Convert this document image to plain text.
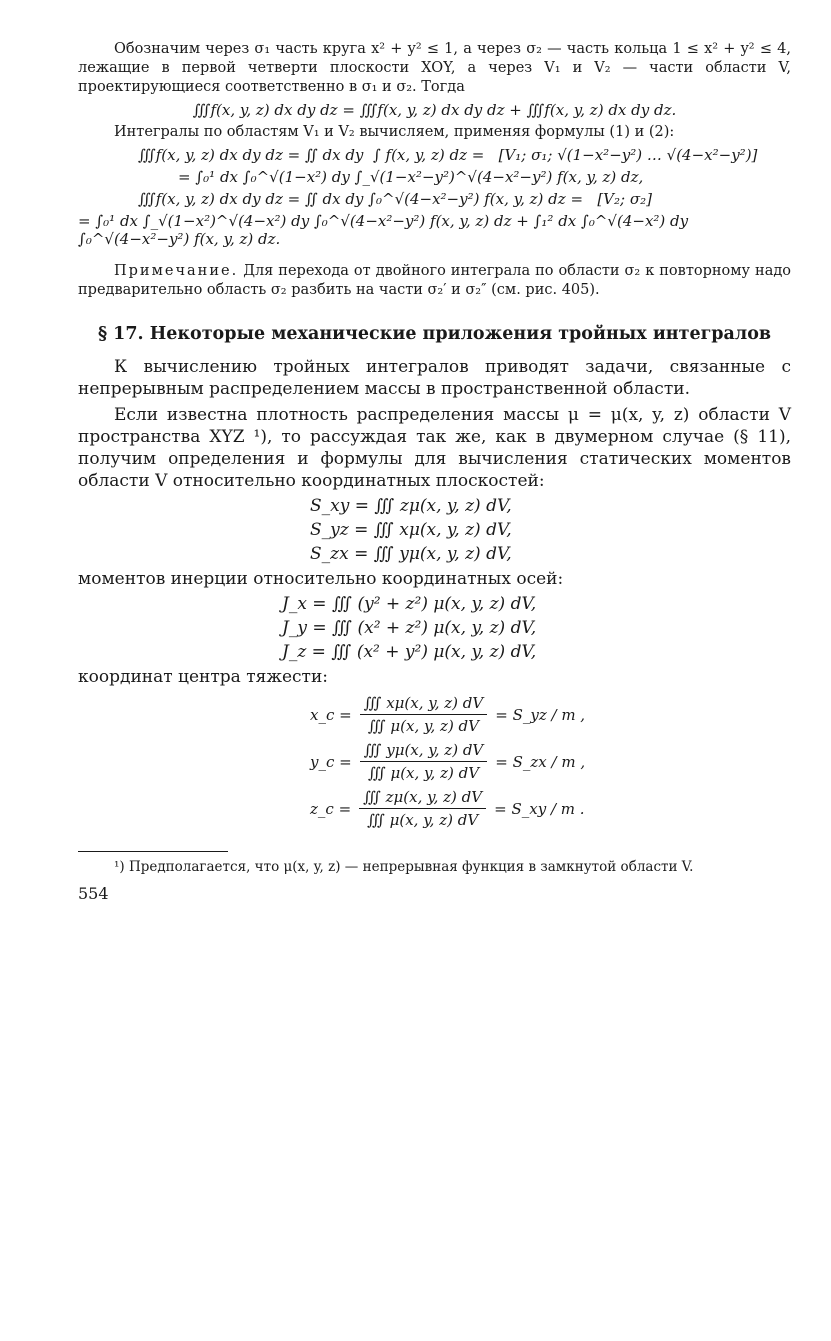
Обозначим через σ₁ часть круга x² + y² ≤ 1, а через σ₂ — часть кольца 1 ≤ x² + y² ≤ 4, лежащие в первой четверти плоскости XOY, а через V₁ и V₂ — части области V, проектирующиеся соответственно в σ₁ и σ₂. Тогда

∭f(x, y, z) dx dy dz = ∭f(x, y, z) dx dy dz + ∭f(x, y, z) dx dy dz.

Интегралы по областям V₁ и V₂ вычисляем, применяя формулы (1) и (2):

∭f(x, y, z) dx dy dz = ∬ dx dy  ∫ f(x, y, z) dz =   [V₁; σ₁; √(1−x²−y²) … √(4−x²−y²)]
= ∫₀¹ dx ∫₀^√(1−x²) dy ∫_√(1−x²−y²)^√(4−x²−y²) f(x, y, z) dz,
∭f(x, y, z) dx dy dz = ∬ dx dy ∫₀^√(4−x²−y²) f(x, y, z) dz =   [V₂; σ₂]
= ∫₀¹ dx ∫_√(1−x²)^√(4−x²) dy ∫₀^√(4−x²−y²) f(x, y, z) dz + ∫₁² dx ∫₀^√(4−x²) dy ∫₀^√(4−x²−y²) f(x, y, z) dz.

Примечание. Для перехода от двойного интеграла по области σ₂ к повторному надо предварительно область σ₂ разбить на части σ₂′ и σ₂″ (см. рис. 405).

§ 17. Некоторые механические приложения тройных интегралов

К вычислению тройных интегралов приводят задачи, связанные с непрерывным распределением массы в пространственной области.

Если известна плотность распределения массы μ = μ(x, y, z) области V пространства XYZ ¹), то рассуждая так же, как в двумерном случае (§ 11), получим определения и формулы для вычисления статических моментов области V относительно координатных плоскостей:

S_xy = ∭ zμ(x, y, z) dV,
S_yz = ∭ xμ(x, y, z) dV,
S_zx = ∭ yμ(x, y, z) dV,

моментов инерции относительно координатных осей:

J_x = ∭ (y² + z²) μ(x, y, z) dV,
J_y = ∭ (x² + z²) μ(x, y, z) dV,
J_z = ∭ (x² + y²) μ(x, y, z) dV,

координат центра тяжести:

x_c = $\frac{∭ x\mu(x, y, z) dV}{∭ \mu(x, y, z) dV}$ = S_yz / m ,
y_c = $\frac{∭ y\mu(x, y, z) dV}{∭ \mu(x, y, z) dV}$ = S_zx / m ,
z_c = $\frac{∭ z\mu(x, y, z) dV}{∭ \mu(x, y, z) dV}$ = S_xy / m .
¹) Предполагается, что μ(x, y, z) — непрерывная функция в замкнутой области V.
554
